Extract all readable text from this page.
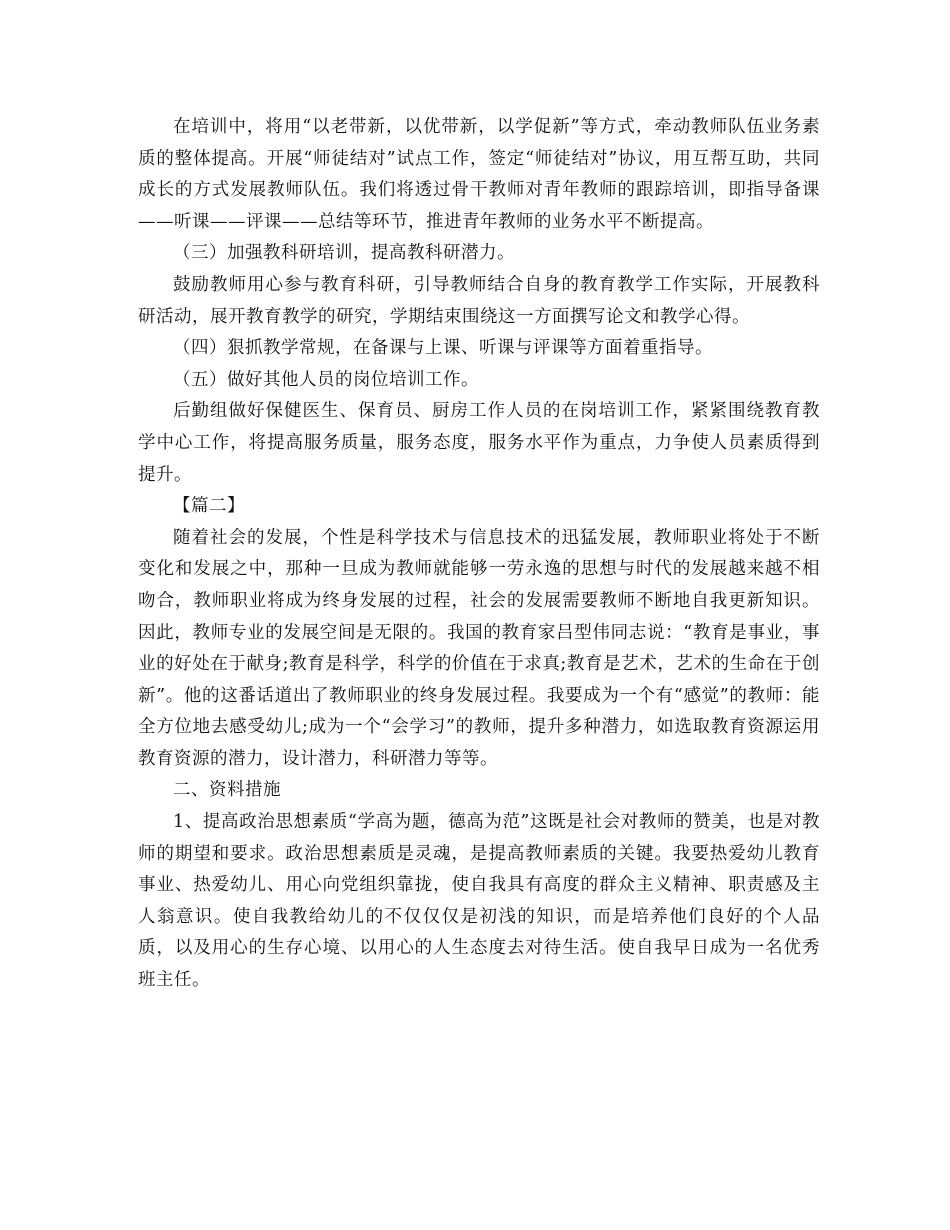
在培训中，将用“以老带新，以优带新，以学促新”等方式，牵动教师队伍业务素质的整体提高。开展“师徒结对”试点工作，签定“师徒结对”协议，用互帮互助，共同成长的方式发展教师队伍。我们将透过骨干教师对青年教师的跟踪培训，即指导备课——听课——评课——总结等环节，推进青年教师的业务水平不断提高。

（三）加强教科研培训，提高教科研潜力。

鼓励教师用心参与教育科研，引导教师结合自身的教育教学工作实际，开展教科研活动，展开教育教学的研究，学期结束围绕这一方面撰写论文和教学心得。

（四）狠抓教学常规，在备课与上课、听课与评课等方面着重指导。

（五）做好其他人员的岗位培训工作。

后勤组做好保健医生、保育员、厨房工作人员的在岗培训工作，紧紧围绕教育教学中心工作，将提高服务质量，服务态度，服务水平作为重点，力争使人员素质得到提升。

【篇二】

随着社会的发展，个性是科学技术与信息技术的迅猛发展，教师职业将处于不断变化和发展之中，那种一旦成为教师就能够一劳永逸的思想与时代的发展越来越不相吻合，教师职业将成为终身发展的过程，社会的发展需要教师不断地自我更新知识。因此，教师专业的发展空间是无限的。我国的教育家吕型伟同志说：“教育是事业，事业的好处在于献身;教育是科学，科学的价值在于求真;教育是艺术，艺术的生命在于创新”。他的这番话道出了教师职业的终身发展过程。我要成为一个有“感觉”的教师：能全方位地去感受幼儿;成为一个“会学习”的教师，提升多种潜力，如选取教育资源运用教育资源的潜力，设计潜力，科研潜力等等。

二、资料措施

1、提高政治思想素质“学高为题，德高为范”这既是社会对教师的赞美，也是对教师的期望和要求。政治思想素质是灵魂，是提高教师素质的关键。我要热爱幼儿教育事业、热爱幼儿、用心向党组织靠拢，使自我具有高度的群众主义精神、职责感及主人翁意识。使自我教给幼儿的不仅仅仅是初浅的知识，而是培养他们良好的个人品质，以及用心的生存心境、以用心的人生态度去对待生活。使自我早日成为一名优秀班主任。
